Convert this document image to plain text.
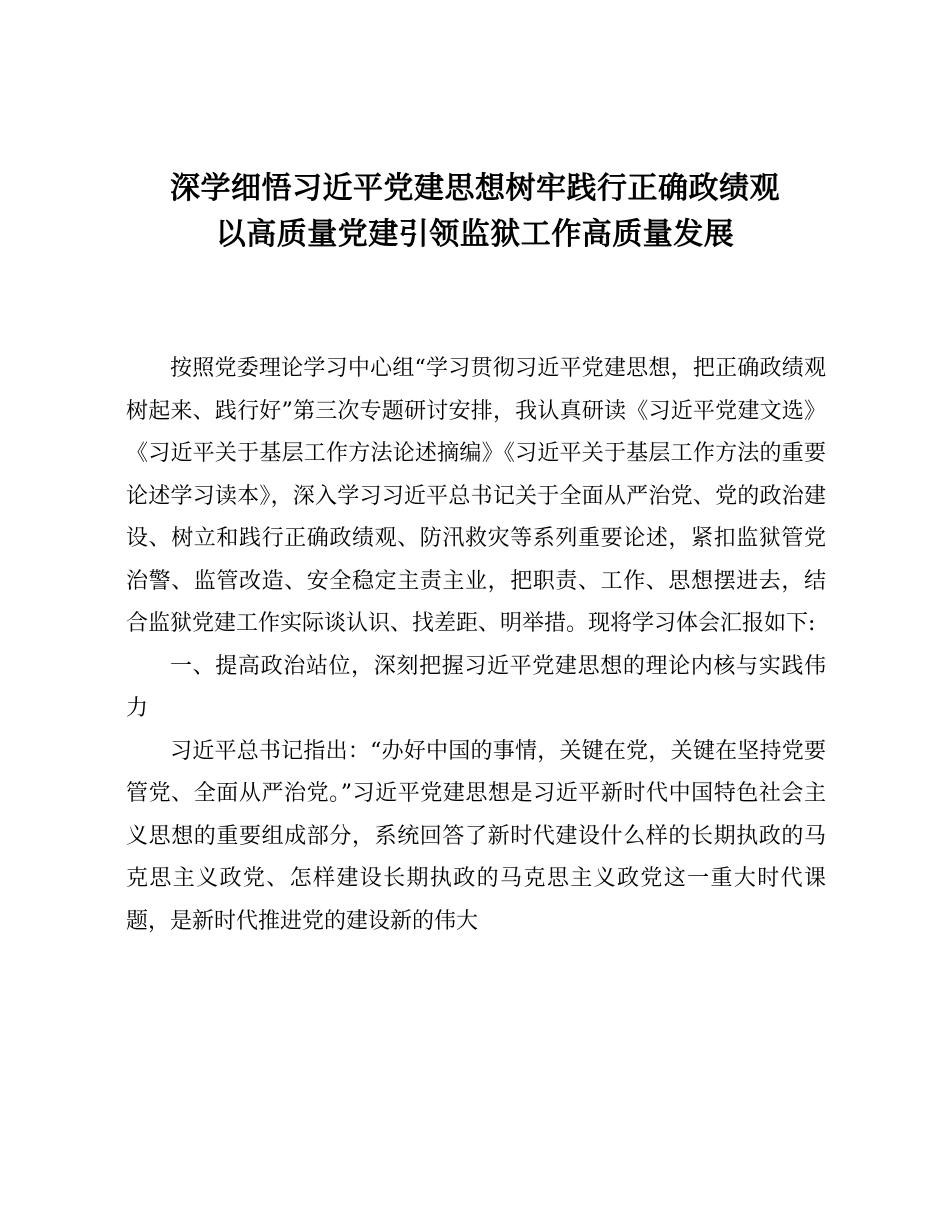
深学细悟习近平党建思想树牢践行正确政绩观
以高质量党建引领监狱工作高质量发展

按照党委理论学习中心组“学习贯彻习近平党建思想，把正确政绩观树起来、践行好”第三次专题研讨安排，我认真研读《习近平党建文选》《习近平关于基层工作方法论述摘编》《习近平关于基层工作方法的重要论述学习读本》，深入学习习近平总书记关于全面从严治党、党的政治建设、树立和践行正确政绩观、防汛救灾等系列重要论述，紧扣监狱管党治警、监管改造、安全稳定主责主业，把职责、工作、思想摆进去，结合监狱党建工作实际谈认识、找差距、明举措。现将学习体会汇报如下:

一、提高政治站位，深刻把握习近平党建思想的理论内核与实践伟力

习近平总书记指出：“办好中国的事情，关键在党，关键在坚持党要管党、全面从严治党。”习近平党建思想是习近平新时代中国特色社会主义思想的重要组成部分，系统回答了新时代建设什么样的长期执政的马克思主义政党、怎样建设长期执政的马克思主义政党这一重大时代课题，是新时代推进党的建设新的伟大
